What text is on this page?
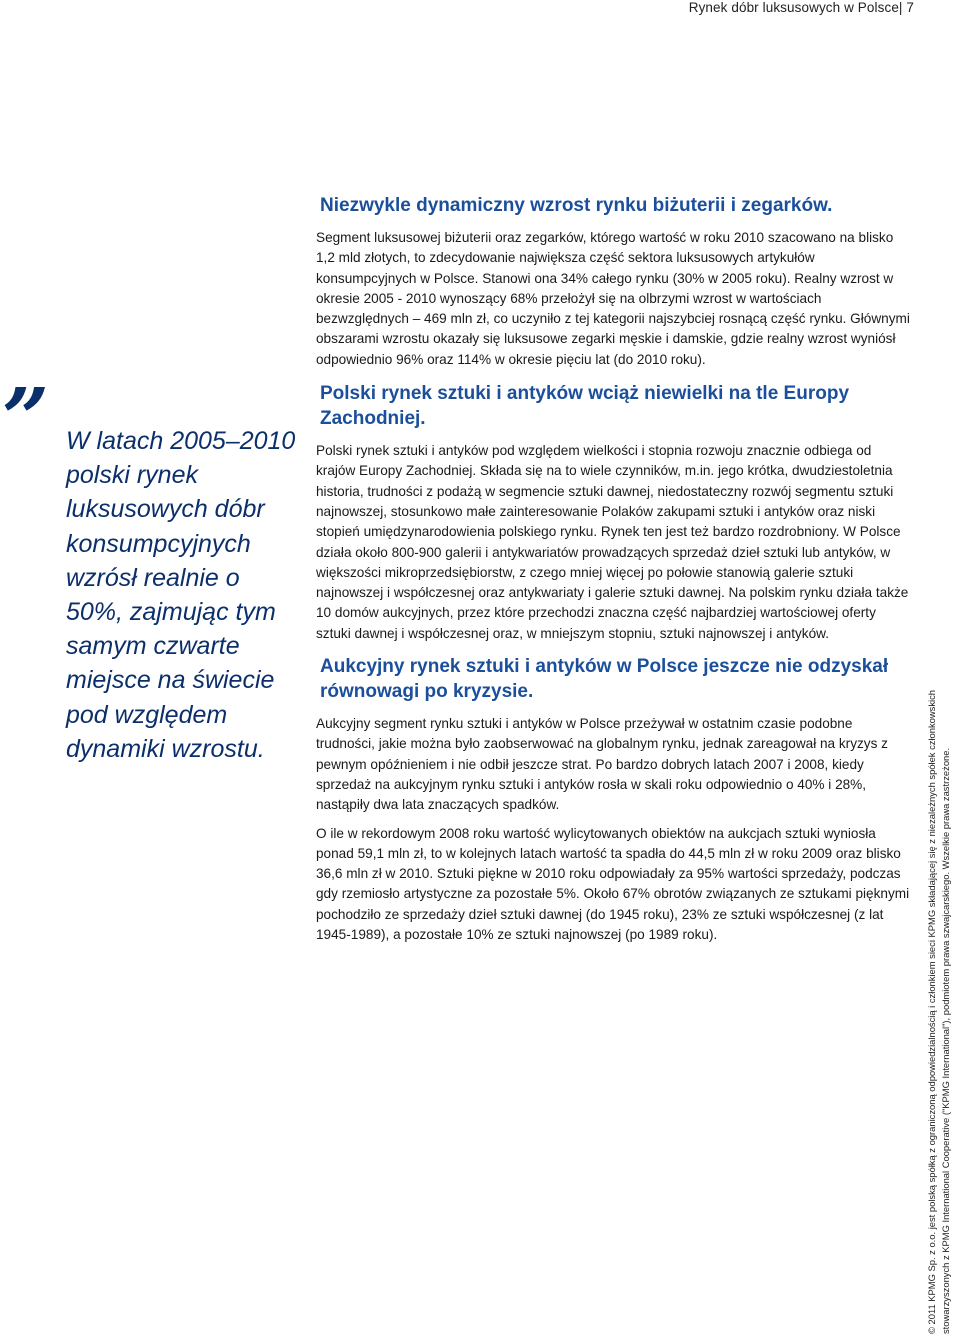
Rynek dóbr luksusowych w Polsce| 7
” W latach 2005–2010 polski rynek luksusowych dóbr konsumpcyjnych wzrósł realnie o 50%, zajmując tym samym czwarte miejsce na świecie pod względem dynamiki wzrostu.

Niezwykle dynamiczny wzrost rynku biżuterii i zegarków.

Segment luksusowej biżuterii oraz zegarków, którego wartość w roku 2010 szacowano na blisko 1,2 mld złotych, to zdecydowanie największa część sektora luksusowych artykułów konsumpcyjnych w Polsce. Stanowi ona 34% całego rynku (30% w 2005 roku). Realny wzrost w okresie 2005 - 2010 wynoszący 68% przełożył się na olbrzymi wzrost w wartościach bezwzględnych – 469 mln zł, co uczyniło z tej kategorii najszybciej rosnącą część rynku. Głównymi obszarami wzrostu okazały się luksusowe zegarki męskie i damskie, gdzie realny wzrost wyniósł odpowiednio 96% oraz 114% w okresie pięciu lat (do 2010 roku).

Polski rynek sztuki i antyków wciąż niewielki na tle Europy Zachodniej.

Polski rynek sztuki i antyków pod względem wielkości i stopnia rozwoju znacznie odbiega od krajów Europy Zachodniej. Składa się na to wiele czynników, m.in. jego krótka, dwudziestoletnia historia, trudności z podażą w segmencie sztuki dawnej, niedostateczny rozwój segmentu sztuki najnowszej, stosunkowo małe zainteresowanie Polaków zakupami sztuki i antyków oraz niski stopień umiędzynarodowienia polskiego rynku. Rynek ten jest też bardzo rozdrobniony. W Polsce działa około 800-900 galerii i antykwariatów prowadzących sprzedaż dzieł sztuki lub antyków, w większości mikroprzedsiębiorstw, z czego mniej więcej po połowie stanowią galerie sztuki najnowszej i współczesnej oraz antykwariaty i galerie sztuki dawnej. Na polskim rynku działa także 10 domów aukcyjnych, przez które przechodzi znaczna część najbardziej wartościowej oferty sztuki dawnej i współczesnej oraz, w mniejszym stopniu, sztuki najnowszej i antyków.

Aukcyjny rynek sztuki i antyków w Polsce jeszcze nie odzyskał równowagi po kryzysie.

Aukcyjny segment rynku sztuki i antyków w Polsce przeżywał w ostatnim czasie podobne trudności, jakie można było zaobserwować na globalnym rynku, jednak zareagował na kryzys z pewnym opóźnieniem i nie odbił jeszcze strat. Po bardzo dobrych latach 2007 i 2008, kiedy sprzedaż na aukcyjnym rynku sztuki i antyków rosła w skali roku odpowiednio o 40% i 28%, nastąpiły dwa lata znaczących spadków.

O ile w rekordowym 2008 roku wartość wylicytowanych obiektów na aukcjach sztuki wyniosła ponad 59,1 mln zł, to w kolejnych latach wartość ta spadła do 44,5 mln zł w roku 2009 oraz blisko 36,6 mln zł w 2010. Sztuki piękne w 2010 roku odpowiadały za 95% wartości sprzedaży, podczas gdy rzemiosło artystyczne za pozostałe 5%. Około 67% obrotów związanych ze sztukami pięknymi pochodziło ze sprzedaży dzieł sztuki dawnej (do 1945 roku), 23% ze sztuki współczesnej (z lat 1945-1989), a pozostałe 10% ze sztuki najnowszej (po 1989 roku).	© 2011 KPMG Sp. z o.o. jest polską spółką z ograniczoną odpowiedzialnością i członkiem sieci KPMG składającej się z niezależnych spółek członkowskich stowarzyszonych z KPMG International Cooperative ("KPMG International"), podmiotem prawa szwajcarskiego. Wszelkie prawa zastrzeżone.
